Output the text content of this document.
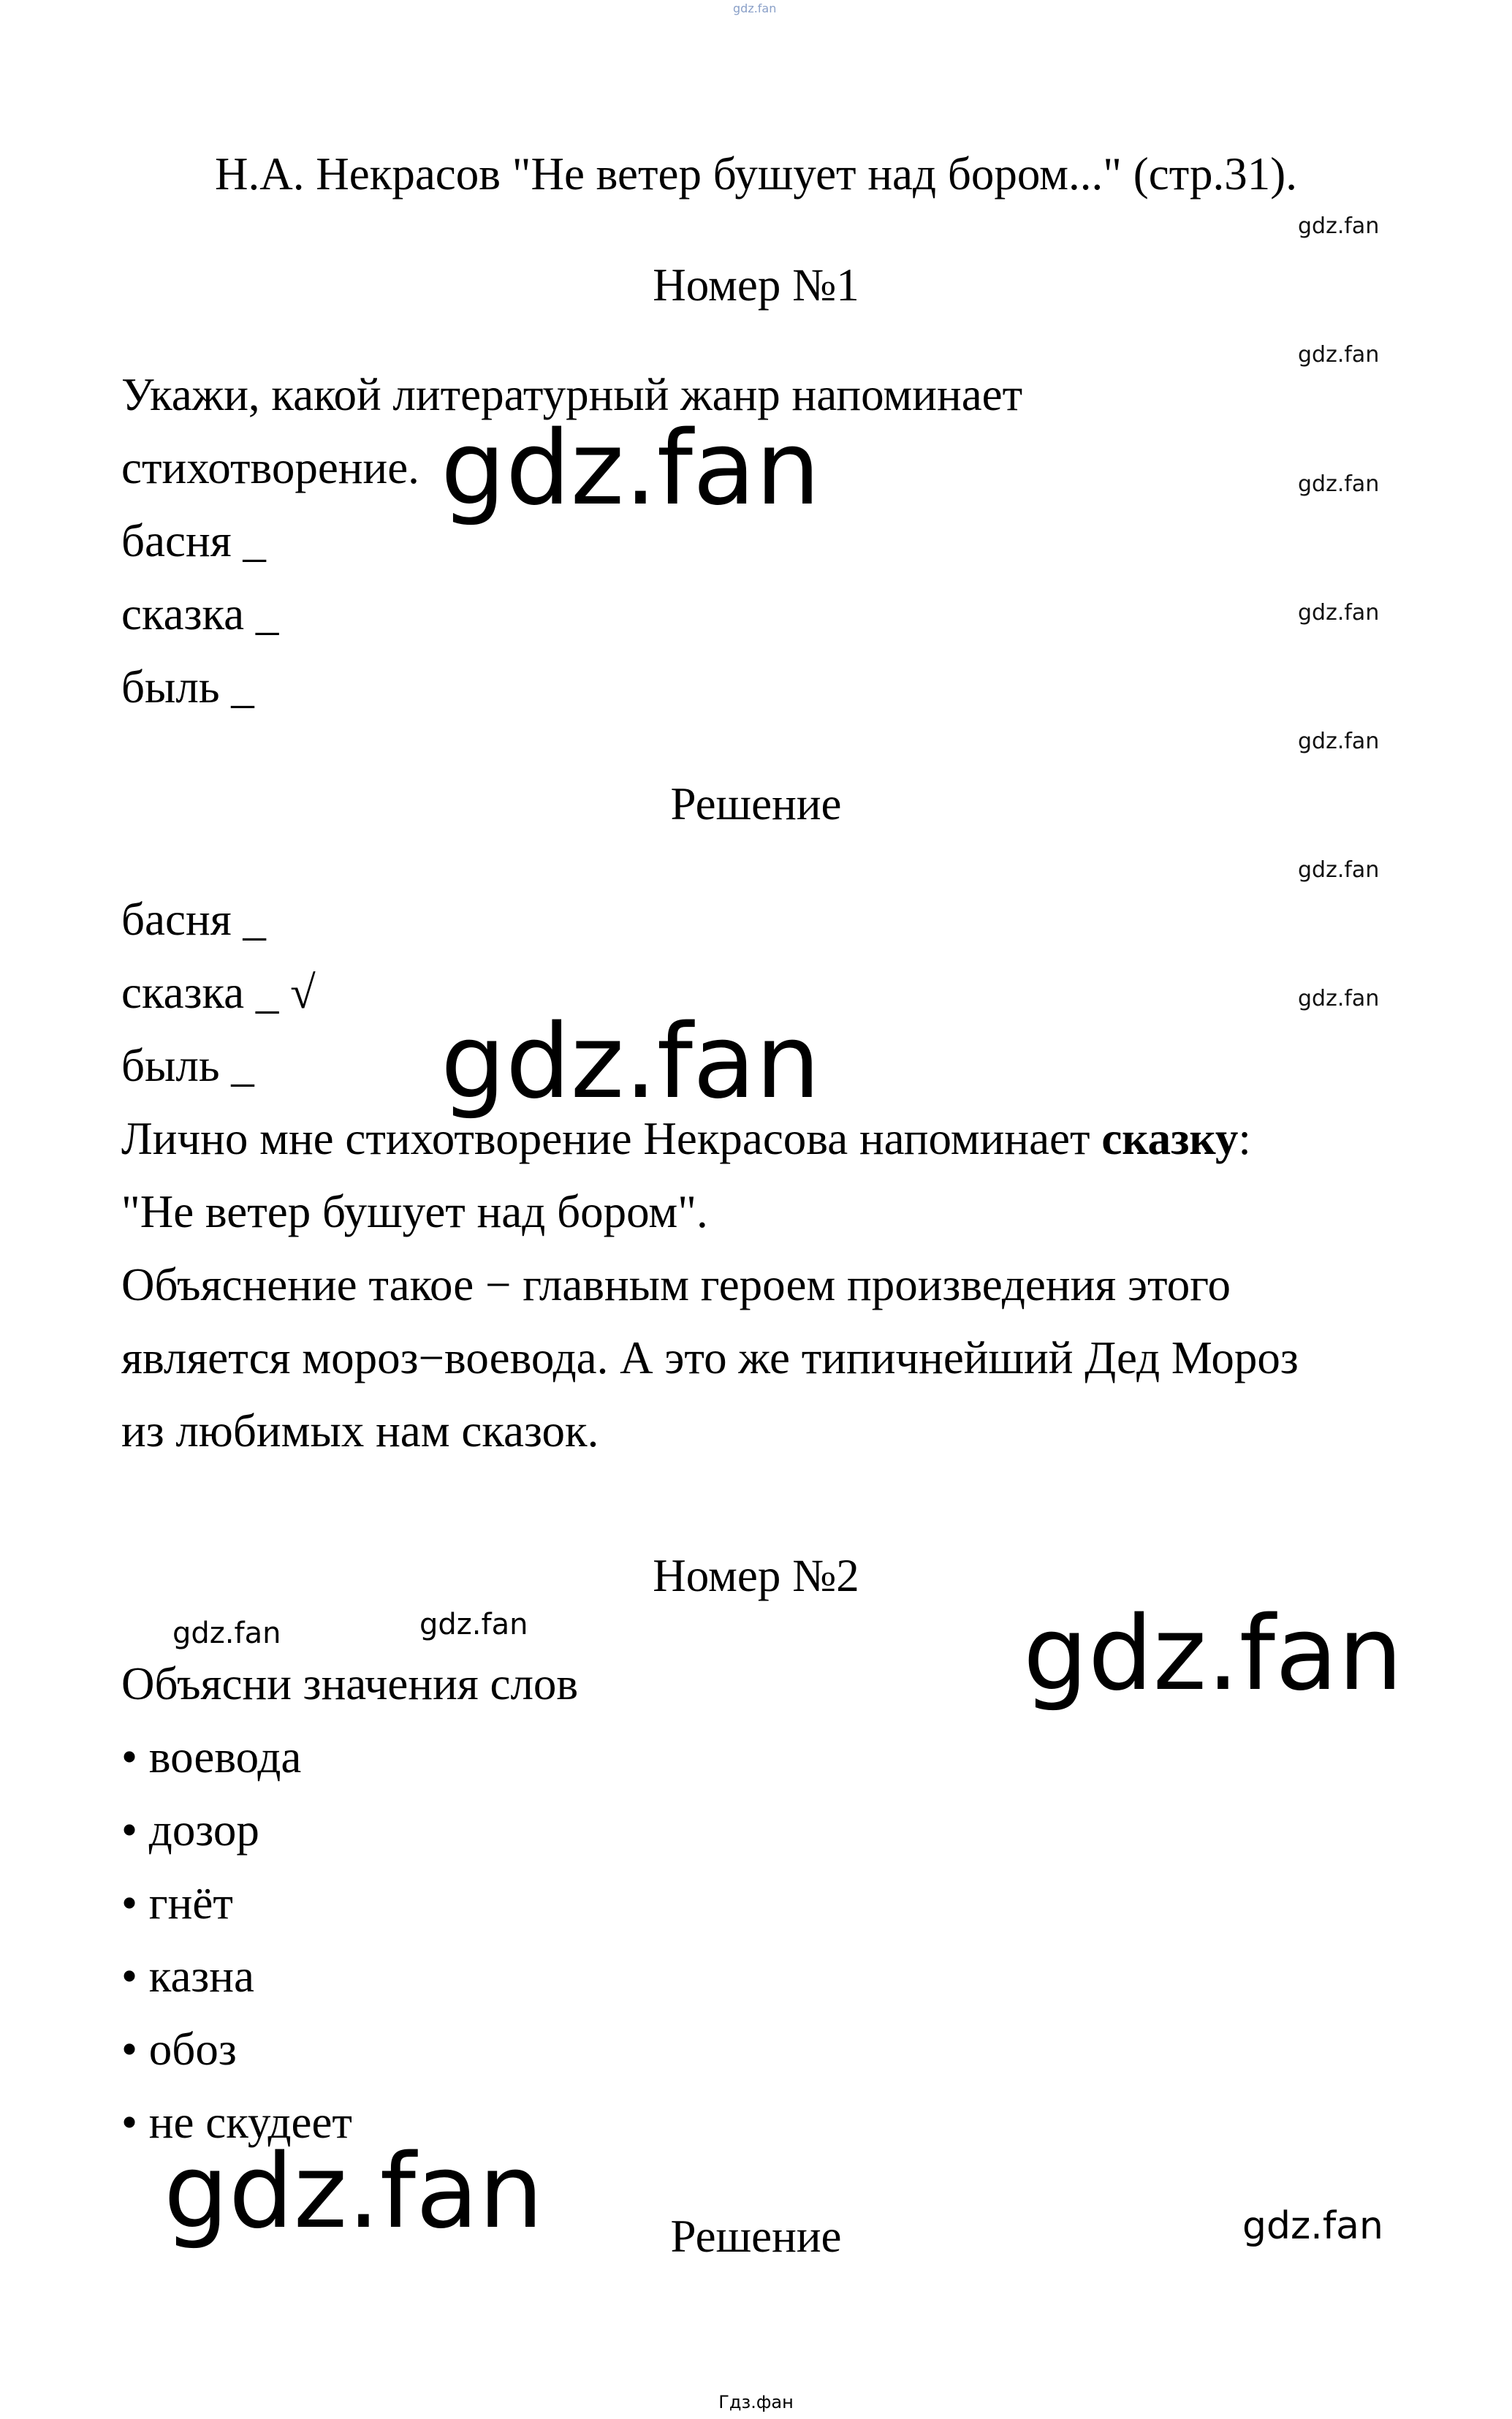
gdz.fan
Н.А. Некрасов "Не ветер бушует над бором..." (стр.31).
Номер №1
Укажи, какой литературный жанр напоминает
стихотворение.
басня _
сказка _
быль _
Решение
басня _
сказка _ √
быль _
Лично мне стихотворение Некрасова напоминает сказку:
"Не ветер бушует над бором".
Объяснение такое − главным героем произведения этого
является мороз−воевода. А это же типичнейший Дед Мороз
из любимых нам сказок.
Номер №2
Объясни значения слов
• воевода
• дозор
• гнёт
• казна
• обоз
• не скудеет
Решение
gdz.fan
gdz.fan
gdz.fan
gdz.fan
gdz.fan
gdz.fan
gdz.fan
gdz.fan
gdz.fan
gdz.fan
gdz.fan
gdz.fan	gdz.fan
gdz.fan
Гдз.фан
